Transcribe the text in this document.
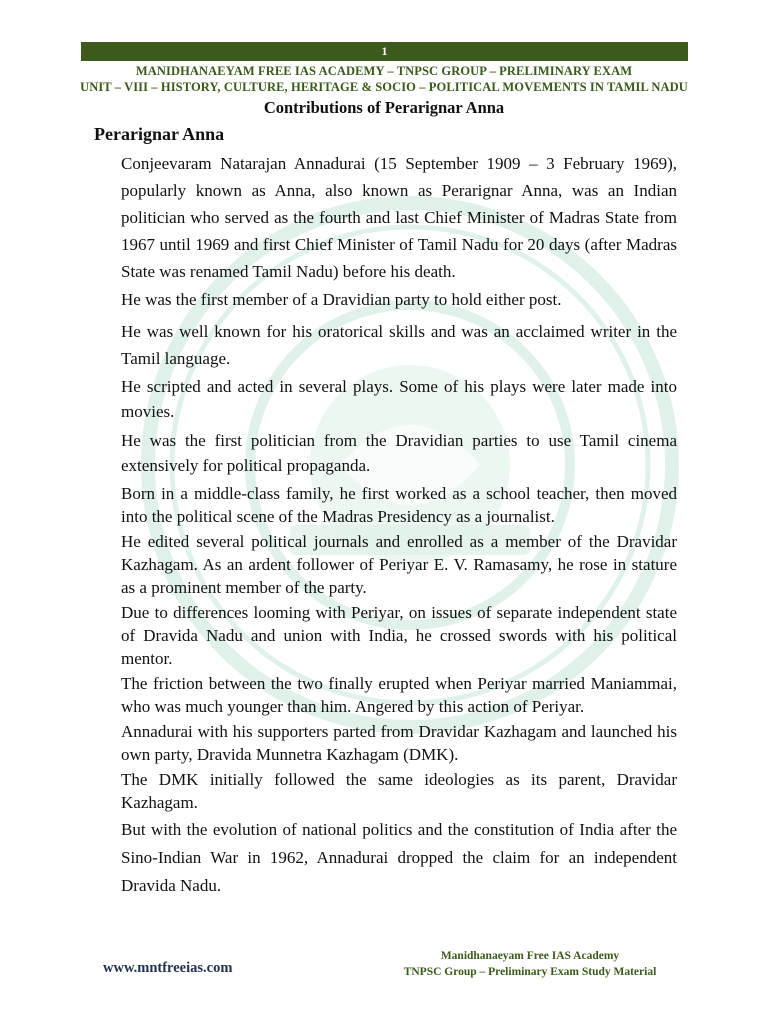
1
MANIDHANAEYAM FREE IAS ACADEMY – TNPSC GROUP – PRELIMINARY EXAM
UNIT – VIII – HISTORY, CULTURE, HERITAGE & SOCIO – POLITICAL MOVEMENTS IN TAMIL NADU
Contributions of Perarignar Anna
Perarignar Anna

Conjeevaram Natarajan Annadurai (15 September 1909 – 3 February 1969), popularly known as Anna, also known as Perarignar Anna, was an Indian politician who served as the fourth and last Chief Minister of Madras State from 1967 until 1969 and first Chief Minister of Tamil Nadu for 20 days (after Madras State was renamed Tamil Nadu) before his death.

He was the first member of a Dravidian party to hold either post.

He was well known for his oratorical skills and was an acclaimed writer in the Tamil language.

He scripted and acted in several plays. Some of his plays were later made into movies.

He was the first politician from the Dravidian parties to use Tamil cinema extensively for political propaganda.

Born in a middle-class family, he first worked as a school teacher, then moved into the political scene of the Madras Presidency as a journalist.

He edited several political journals and enrolled as a member of the Dravidar Kazhagam. As an ardent follower of Periyar E. V. Ramasamy, he rose in stature as a prominent member of the party.

Due to differences looming with Periyar, on issues of separate independent state of Dravida Nadu and union with India, he crossed swords with his political mentor.

The friction between the two finally erupted when Periyar married Maniammai, who was much younger than him. Angered by this action of Periyar.

Annadurai with his supporters parted from Dravidar Kazhagam and launched his own party, Dravida Munnetra Kazhagam (DMK).

The DMK initially followed the same ideologies as its parent, Dravidar Kazhagam.

But with the evolution of national politics and the constitution of India after the Sino-Indian War in 1962, Annadurai dropped the claim for an independent Dravida Nadu.

www.mntfreeias.com
Manidhanaeyam Free IAS Academy
TNPSC Group – Preliminary Exam Study Material
